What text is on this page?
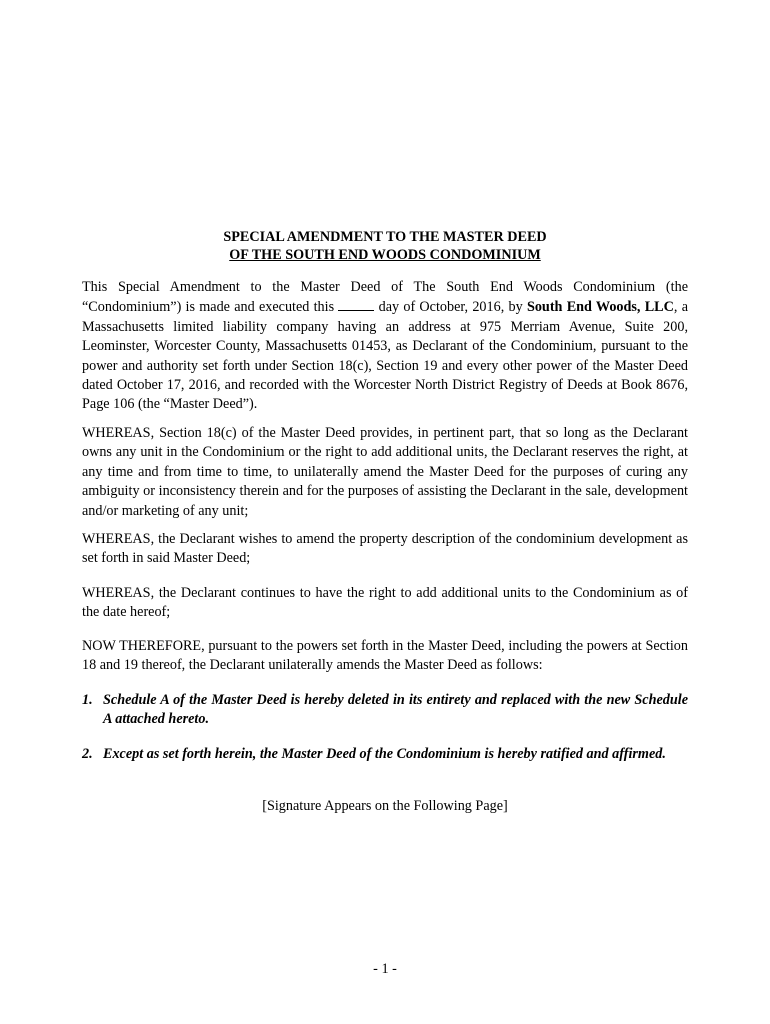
SPECIAL AMENDMENT TO THE MASTER DEED
OF THE SOUTH END WOODS CONDOMINIUM

This Special Amendment to the Master Deed of The South End Woods Condominium (the “Condominium”) is made and executed this	day of October, 2016, by South End Woods, LLC, a Massachusetts limited liability company having an address at 975 Merriam Avenue, Suite 200, Leominster, Worcester County, Massachusetts 01453, as Declarant of the Condominium, pursuant to the power and authority set forth under Section 18(c), Section 19 and every other power of the Master Deed dated October 17, 2016, and recorded with the Worcester North District Registry of Deeds at Book 8676, Page 106 (the “Master Deed”).

WHEREAS, Section 18(c) of the Master Deed provides, in pertinent part, that so long as the Declarant owns any unit in the Condominium or the right to add additional units, the Declarant reserves the right, at any time and from time to time, to unilaterally amend the Master Deed for the purposes of curing any ambiguity or inconsistency therein and for the purposes of assisting the Declarant in the sale, development and/or marketing of any unit;

WHEREAS, the Declarant wishes to amend the property description of the condominium development as set forth in said Master Deed;

WHEREAS, the Declarant continues to have the right to add additional units to the Condominium as of the date hereof;

NOW THEREFORE, pursuant to the powers set forth in the Master Deed, including the powers at Section 18 and 19 thereof, the Declarant unilaterally amends the Master Deed as follows:

1. Schedule A of the Master Deed is hereby deleted in its entirety and replaced with the new Schedule A attached hereto.
2. Except as set forth herein, the Master Deed of the Condominium is hereby ratified and affirmed.
[Signature Appears on the Following Page]
- 1 -
